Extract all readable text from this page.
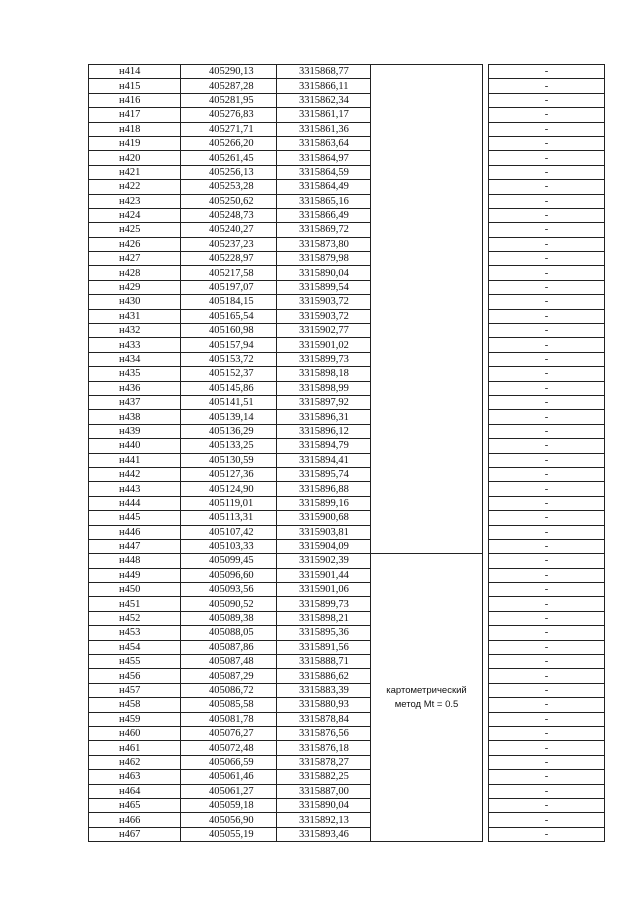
н414	405290,13	3315868,77			-
н415	405287,28	3315866,11			-
н416	405281,95	3315862,34			-
н417	405276,83	3315861,17			-
н418	405271,71	3315861,36			-
н419	405266,20	3315863,64			-
н420	405261,45	3315864,97			-
н421	405256,13	3315864,59			-
н422	405253,28	3315864,49			-
н423	405250,62	3315865,16			-
н424	405248,73	3315866,49			-
н425	405240,27	3315869,72			-
н426	405237,23	3315873,80			-
н427	405228,97	3315879,98			-
н428	405217,58	3315890,04			-
н429	405197,07	3315899,54			-
н430	405184,15	3315903,72			-
н431	405165,54	3315903,72			-
н432	405160,98	3315902,77			-
н433	405157,94	3315901,02			-
н434	405153,72	3315899,73			-
н435	405152,37	3315898,18			-
н436	405145,86	3315898,99			-
н437	405141,51	3315897,92			-
н438	405139,14	3315896,31			-
н439	405136,29	3315896,12			-
н440	405133,25	3315894,79			-
н441	405130,59	3315894,41			-
н442	405127,36	3315895,74			-
н443	405124,90	3315896,88			-
н444	405119,01	3315899,16			-
н445	405113,31	3315900,68			-
н446	405107,42	3315903,81			-
н447	405103,33	3315904,09			-
н448	405099,45	3315902,39			-
н449	405096,60	3315901,44			-
н450	405093,56	3315901,06			-
н451	405090,52	3315899,73			-
н452	405089,38	3315898,21			-
н453	405088,05	3315895,36			-
н454	405087,86	3315891,56			-
н455	405087,48	3315888,71			-
н456	405087,29	3315886,62			-
н457	405086,72	3315883,39	картометрический		-
н458	405085,58	3315880,93	метод Mt = 0.5		-
н459	405081,78	3315878,84			-
н460	405076,27	3315876,56			-
н461	405072,48	3315876,18			-
н462	405066,59	3315878,27			-
н463	405061,46	3315882,25			-
н464	405061,27	3315887,00			-
н465	405059,18	3315890,04			-
н466	405056,90	3315892,13			-
н467	405055,19	3315893,46			-
